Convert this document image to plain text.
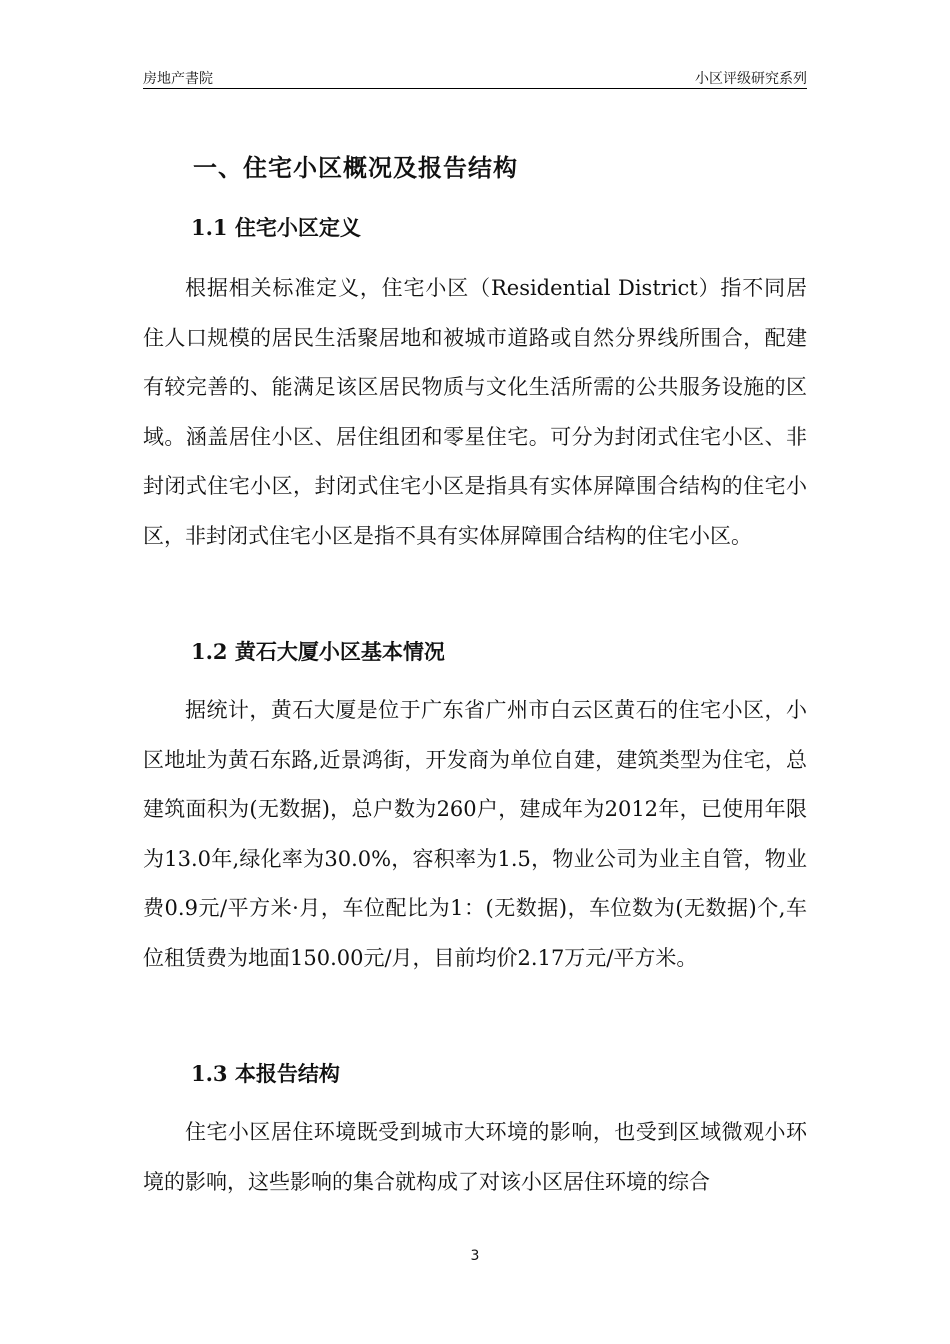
房地产書院	小区评级研究系列
一、住宅小区概况及报告结构
1.1 住宅小区定义

根据相关标准定义，住宅小区（Residential District）指不同居住人口规模的居民生活聚居地和被城市道路或自然分界线所围合，配建有较完善的、能满足该区居民物质与文化生活所需的公共服务设施的区域。涵盖居住小区、居住组团和零星住宅。可分为封闭式住宅小区、非封闭式住宅小区，封闭式住宅小区是指具有实体屏障围合结构的住宅小区，非封闭式住宅小区是指不具有实体屏障围合结构的住宅小区。

1.2 黄石大厦小区基本情况

据统计，黄石大厦是位于广东省广州市白云区黄石的住宅小区，小区地址为黄石东路,近景鸿街，开发商为单位自建，建筑类型为住宅，总建筑面积为(无数据)，总户数为260户，建成年为2012年，已使用年限为13.0年,绿化率为30.0%，容积率为1.5，物业公司为业主自管，物业费0.9元/平方米·月，车位配比为1：(无数据)，车位数为(无数据)个,车位租赁费为地面150.00元/月，目前均价2.17万元/平方米。

1.3 本报告结构

住宅小区居住环境既受到城市大环境的影响，也受到区域微观小环境的影响，这些影响的集合就构成了对该小区居住环境的综合

3
